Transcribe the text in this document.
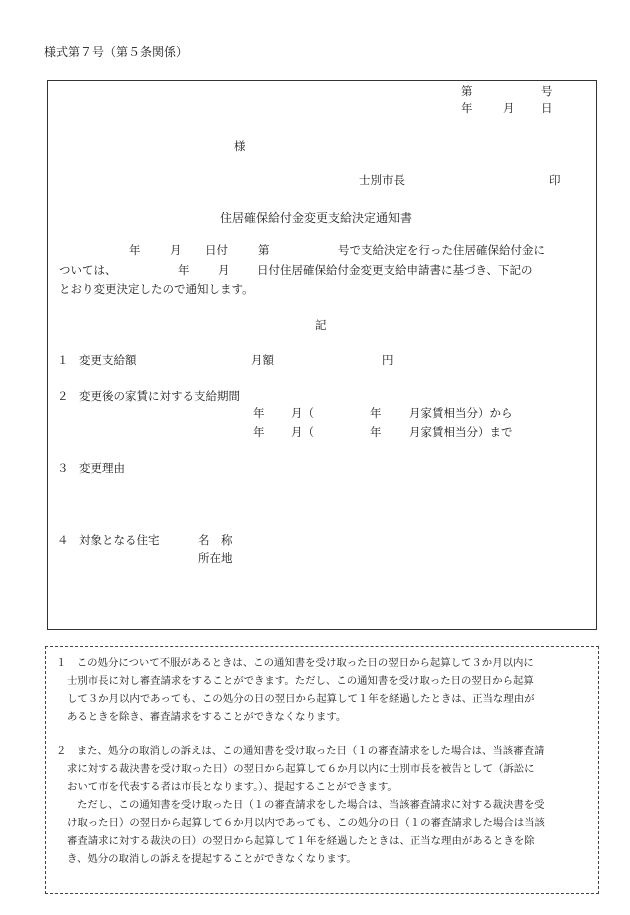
様式第７号（第５条関係）
第	号
年	月 日
様
士別市長	印
住居確保給付金変更支給決定通知書
年	月 日付	第	号で支給決定を行った住居確保給付金に
ついては、	年 月 日付住居確保給付金変更支給申請書に基づき、下記の
とおり変更決定したので通知します。
記
１ 変更支給額	月額	円
２ 変更後の家賃に対する支給期間
年 月（	年 月家賃相当分）から
年 月（	年 月家賃相当分）まで
３ 変更理由
４ 対象となる住宅	名　称
所在地
１　この処分について不服があるときは、この通知書を受け取った日の翌日から起算して３か月以内に
士別市長に対し審査請求をすることができます。ただし、この通知書を受け取った日の翌日から起算
して３か月以内であっても、この処分の日の翌日から起算して１年を経過したときは、正当な理由が
あるときを除き、審査請求をすることができなくなります。
２　また、処分の取消しの訴えは、この通知書を受け取った日（１の審査請求をした場合は、当該審査請
求に対する裁決書を受け取った日）の翌日から起算して６か月以内に士別市長を被告として（訴訟に
おいて市を代表する者は市長となります。）、提起することができます。
ただし、この通知書を受け取った日（１の審査請求をした場合は、当該審査請求に対する裁決書を受
け取った日）の翌日から起算して６か月以内であっても、この処分の日（１の審査請求した場合は当該
審査請求に対する裁決の日）の翌日から起算して１年を経過したときは、正当な理由があるときを除
き、処分の取消しの訴えを提起することができなくなります。
